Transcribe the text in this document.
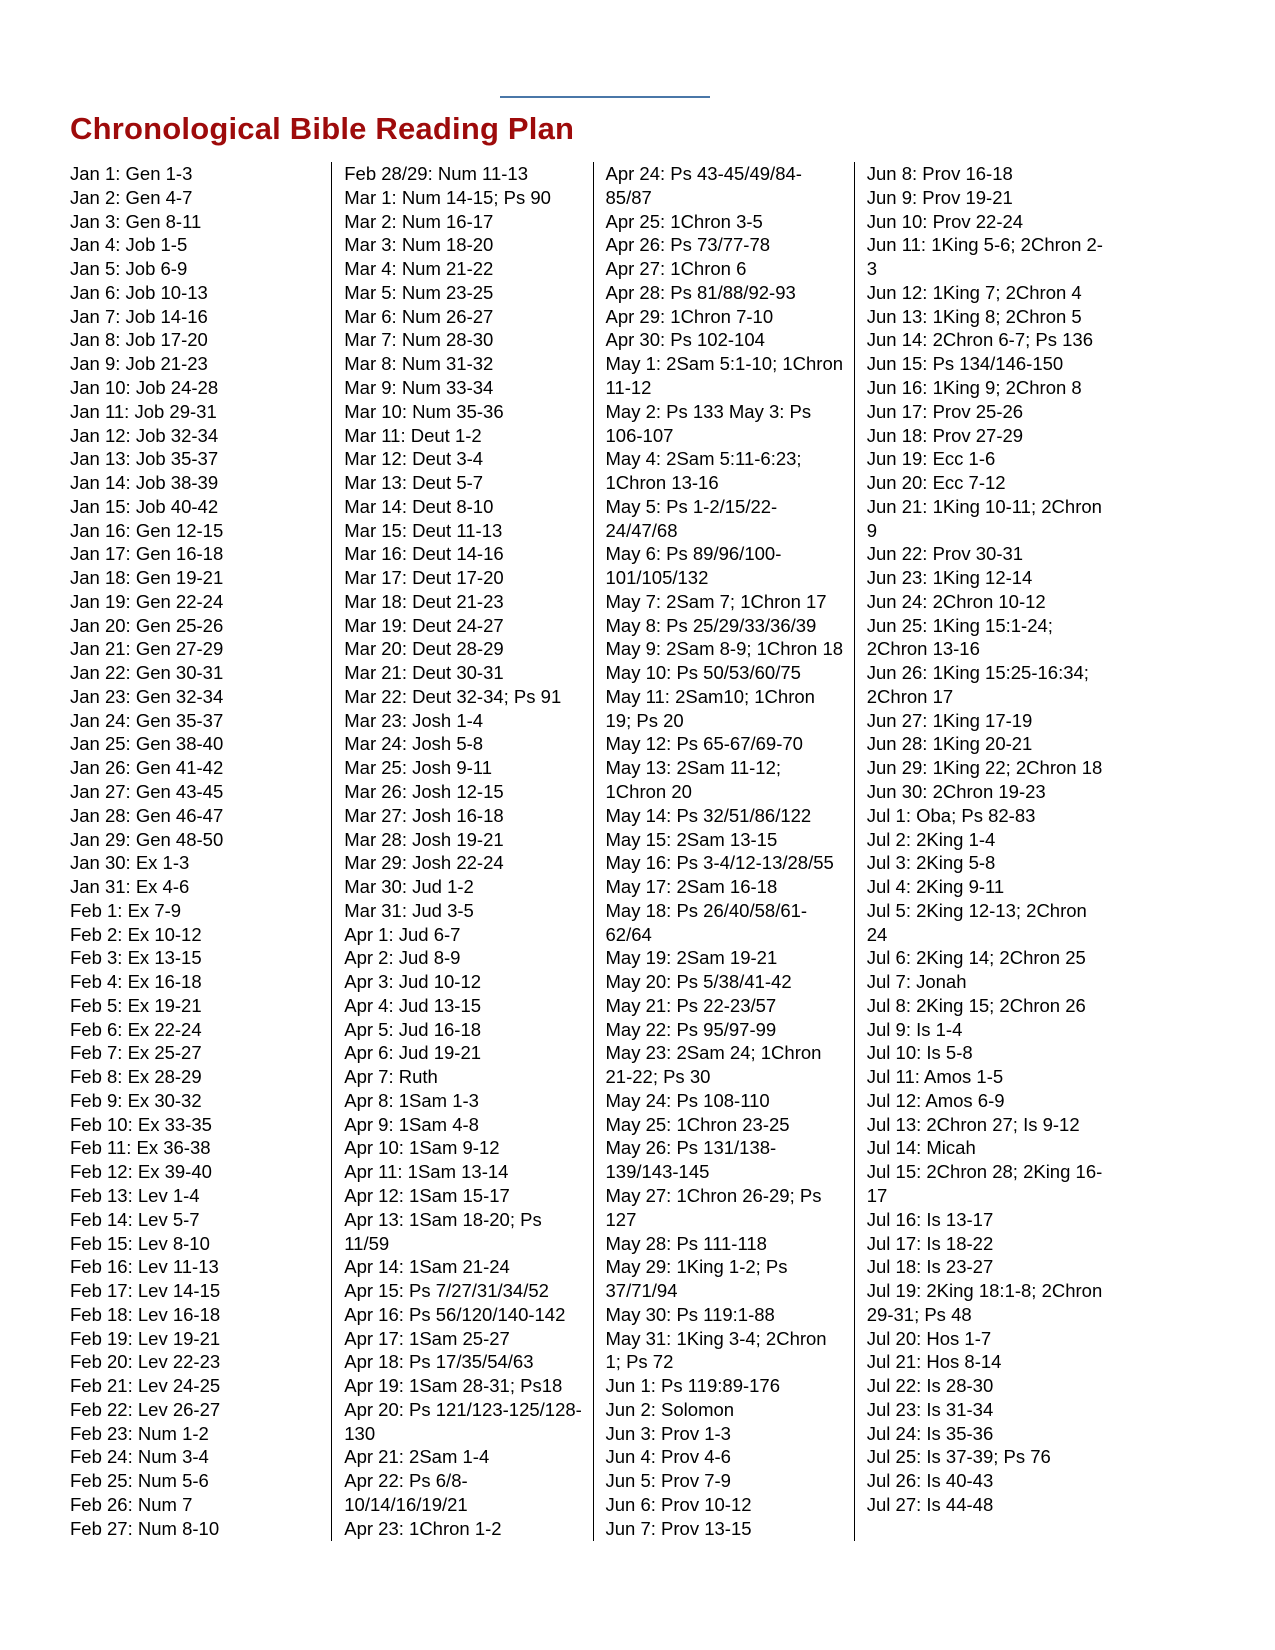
Chronological Bible Reading Plan
Jan 1: Gen 1-3
Jan 2: Gen 4-7
Jan 3: Gen 8-11
Jan 4: Job 1-5
Jan 5: Job 6-9
Jan 6: Job 10-13
Jan 7: Job 14-16
Jan 8: Job 17-20
Jan 9: Job 21-23
Jan 10: Job 24-28
Jan 11: Job 29-31
Jan 12: Job 32-34
Jan 13: Job 35-37
Jan 14: Job 38-39
Jan 15: Job 40-42
Jan 16: Gen 12-15
Jan 17: Gen 16-18
Jan 18: Gen 19-21
Jan 19: Gen 22-24
Jan 20: Gen 25-26
Jan 21: Gen 27-29
Jan 22: Gen 30-31
Jan 23: Gen 32-34
Jan 24: Gen 35-37
Jan 25: Gen 38-40
Jan 26: Gen 41-42
Jan 27: Gen 43-45
Jan 28: Gen 46-47
Jan 29: Gen 48-50
Jan 30: Ex 1-3
Jan 31: Ex 4-6
Feb 1: Ex 7-9
Feb 2: Ex 10-12
Feb 3: Ex 13-15
Feb 4: Ex 16-18
Feb 5: Ex 19-21
Feb 6: Ex 22-24
Feb 7: Ex 25-27
Feb 8: Ex 28-29
Feb 9: Ex 30-32
Feb 10: Ex 33-35
Feb 11: Ex 36-38
Feb 12: Ex 39-40
Feb 13: Lev 1-4
Feb 14: Lev 5-7
Feb 15: Lev 8-10
Feb 16: Lev 11-13
Feb 17: Lev 14-15
Feb 18: Lev 16-18
Feb 19: Lev 19-21
Feb 20: Lev 22-23
Feb 21: Lev 24-25
Feb 22: Lev 26-27
Feb 23: Num 1-2
Feb 24: Num 3-4
Feb 25: Num 5-6
Feb 26: Num 7
Feb 27: Num 8-10
Feb 28/29: Num 11-13
Mar 1: Num 14-15; Ps 90
Mar 2: Num 16-17
Mar 3: Num 18-20
Mar 4: Num 21-22
Mar 5: Num 23-25
Mar 6: Num 26-27
Mar 7: Num 28-30
Mar 8: Num 31-32
Mar 9: Num 33-34
Mar 10: Num 35-36
Mar 11: Deut 1-2
Mar 12: Deut 3-4
Mar 13: Deut 5-7
Mar 14: Deut 8-10
Mar 15: Deut 11-13
Mar 16: Deut 14-16
Mar 17: Deut 17-20
Mar 18: Deut 21-23
Mar 19: Deut 24-27
Mar 20: Deut 28-29
Mar 21: Deut 30-31
Mar 22: Deut 32-34; Ps 91
Mar 23: Josh 1-4
Mar 24: Josh 5-8
Mar 25: Josh 9-11
Mar 26: Josh 12-15
Mar 27: Josh 16-18
Mar 28: Josh 19-21
Mar 29: Josh 22-24
Mar 30: Jud 1-2
Mar 31: Jud 3-5
Apr 1: Jud 6-7
Apr 2: Jud 8-9
Apr 3: Jud 10-12
Apr 4: Jud 13-15
Apr 5: Jud 16-18
Apr 6: Jud 19-21
Apr 7: Ruth
Apr 8: 1Sam 1-3
Apr 9: 1Sam 4-8
Apr 10: 1Sam 9-12
Apr 11: 1Sam 13-14
Apr 12: 1Sam 15-17
Apr 13: 1Sam 18-20; Ps 11/59
Apr 14: 1Sam 21-24
Apr 15: Ps 7/27/31/34/52
Apr 16: Ps 56/120/140-142
Apr 17: 1Sam 25-27
Apr 18: Ps 17/35/54/63
Apr 19: 1Sam 28-31; Ps18
Apr 20: Ps 121/123-125/128-130
Apr 21: 2Sam 1-4
Apr 22: Ps 6/8-10/14/16/19/21
Apr 23: 1Chron 1-2
Apr 24: Ps 43-45/49/84-85/87
Apr 25: 1Chron 3-5
Apr 26: Ps 73/77-78
Apr 27: 1Chron 6
Apr 28: Ps 81/88/92-93
Apr 29: 1Chron 7-10
Apr 30: Ps 102-104
May 1: 2Sam 5:1-10; 1Chron 11-12
May 2: Ps 133 May 3: Ps 106-107
May 4: 2Sam 5:11-6:23; 1Chron 13-16
May 5: Ps 1-2/15/22-24/47/68
May 6: Ps 89/96/100-101/105/132
May 7: 2Sam 7; 1Chron 17
May 8: Ps 25/29/33/36/39
May 9: 2Sam 8-9; 1Chron 18
May 10: Ps 50/53/60/75
May 11: 2Sam10; 1Chron 19; Ps 20
May 12: Ps 65-67/69-70
May 13: 2Sam 11-12; 1Chron 20
May 14: Ps 32/51/86/122
May 15: 2Sam 13-15
May 16: Ps 3-4/12-13/28/55
May 17: 2Sam 16-18
May 18: Ps 26/40/58/61-62/64
May 19: 2Sam 19-21
May 20: Ps 5/38/41-42
May 21: Ps 22-23/57
May 22: Ps 95/97-99
May 23: 2Sam 24; 1Chron 21-22; Ps 30
May 24: Ps 108-110
May 25: 1Chron 23-25
May 26: Ps 131/138-139/143-145
May 27: 1Chron 26-29; Ps 127
May 28: Ps 111-118
May 29: 1King 1-2; Ps 37/71/94
May 30: Ps 119:1-88
May 31: 1King 3-4; 2Chron 1; Ps 72
Jun 1: Ps 119:89-176
Jun 2: Solomon
Jun 3: Prov 1-3
Jun 4: Prov 4-6
Jun 5: Prov 7-9
Jun 6: Prov 10-12
Jun 7: Prov 13-15
Jun 8: Prov 16-18
Jun 9: Prov 19-21
Jun 10: Prov 22-24
Jun 11: 1King 5-6; 2Chron 2-3
Jun 12: 1King 7; 2Chron 4
Jun 13: 1King 8; 2Chron 5
Jun 14: 2Chron 6-7; Ps 136
Jun 15: Ps 134/146-150
Jun 16: 1King 9; 2Chron 8
Jun 17: Prov 25-26
Jun 18: Prov 27-29
Jun 19: Ecc 1-6
Jun 20: Ecc 7-12
Jun 21: 1King 10-11; 2Chron 9
Jun 22: Prov 30-31
Jun 23: 1King 12-14
Jun 24: 2Chron 10-12
Jun 25: 1King 15:1-24; 2Chron 13-16
Jun 26: 1King 15:25-16:34; 2Chron 17
Jun 27: 1King 17-19
Jun 28: 1King 20-21
Jun 29: 1King 22; 2Chron 18
Jun 30: 2Chron 19-23
Jul 1: Oba; Ps 82-83
Jul 2: 2King 1-4
Jul 3: 2King 5-8
Jul 4: 2King 9-11
Jul 5: 2King 12-13; 2Chron 24
Jul 6: 2King 14; 2Chron 25
Jul 7: Jonah
Jul 8: 2King 15; 2Chron 26
Jul 9: Is 1-4
Jul 10: Is 5-8
Jul 11: Amos 1-5
Jul 12: Amos 6-9
Jul 13: 2Chron 27; Is 9-12
Jul 14: Micah
Jul 15: 2Chron 28; 2King 16-17
Jul 16: Is 13-17
Jul 17: Is 18-22
Jul 18: Is 23-27
Jul 19: 2King 18:1-8; 2Chron 29-31; Ps 48
Jul 20: Hos 1-7
Jul 21: Hos 8-14
Jul 22: Is 28-30
Jul 23: Is 31-34
Jul 24: Is 35-36
Jul 25: Is 37-39; Ps 76
Jul 26: Is 40-43
Jul 27: Is 44-48
